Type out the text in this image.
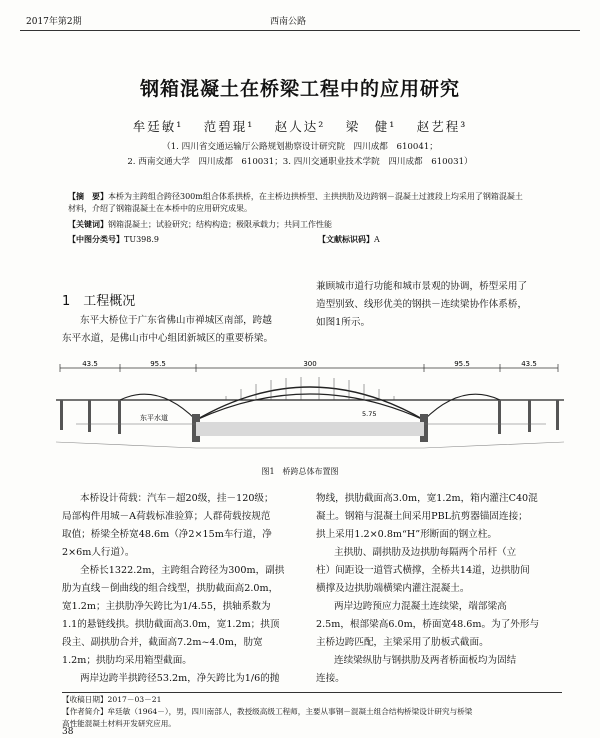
2017年第2期	西南公路
钢箱混凝土在桥梁工程中的应用研究
牟廷敏¹　 范碧琨¹　 赵人达²　 梁　健¹　 赵艺程³
（1. 四川省交通运输厅公路规划勘察设计研究院　四川成都　610041；
2. 西南交通大学　四川成都　610031；3. 四川交通职业技术学院　四川成都　610031）
【摘　要】本桥为主跨组合跨径300m组合体系拱桥，在主桥边拱桥型、主拱拱肋及边跨钢－混凝土过渡段上均采用了钢箱混凝土材料，介绍了钢箱混凝土在本桥中的应用研究成果。
【关键词】钢箱混凝土；试验研究；结构构造；极限承载力；共同工作性能
【中图分类号】TU398.9	【文献标识码】A
1　工程概况
东平大桥位于广东省佛山市禅城区南部，跨越
东平水道，是佛山市中心组团新城区的重要桥梁。
兼顾城市道行功能和城市景观的协调，桥型采用了
造型别致、线形优美的钢拱－连续梁协作体系桥，
如图1所示。
43.5	95.5	300	95.5	43.5
东平水道	5.75
图1　桥跨总体布置图
本桥设计荷载：汽车－超20级，挂－120级；
局部构件用城－A荷载标准验算；人群荷载按规范
取值；桥梁全桥宽48.6m（净2×15m车行道，净
2×6m人行道）。
全桥长1322.2m，主跨组合跨径为300m，副拱
肋为直线－倒曲线的组合线型，拱肋截面高2.0m，
宽1.2m；主拱肋净矢跨比为1/4.55，拱轴系数为
1.1的悬链线拱。拱肋截面高3.0m，宽1.2m；拱顶
段主、副拱肋合并，截面高7.2m~4.0m，肋宽
1.2m；拱肋均采用箱型截面。
两岸边跨半拱跨径53.2m，净矢跨比为1/6的抛
物线，拱肋截面高3.0m，宽1.2m，箱内灌注C40混
凝土。钢箱与混凝土间采用PBL抗剪器锚固连接；
拱上采用1.2×0.8m“H”形断面的钢立柱。
主拱肋、副拱肋及边拱肋每隔两个吊杆（立
柱）间距设一道管式横撑，全桥共14道，边拱肋间
横撑及边拱肋端横梁内灌注混凝土。
两岸边跨预应力混凝土连续梁，端部梁高
2.5m，根部梁高6.0m，桥面宽48.6m。为了外形与
主桥边跨匹配，主梁采用了肋板式截面。
连续梁纵肋与钢拱肋及两者桥面板均为固结
连接。
【收稿日期】2017－03－21
【作者简介】牟廷敏（1964－），男，四川南部人，教授级高级工程师，主要从事钢－混凝土组合结构桥梁设计研究与桥梁
高性能混凝土材料开发研究应用。
38
